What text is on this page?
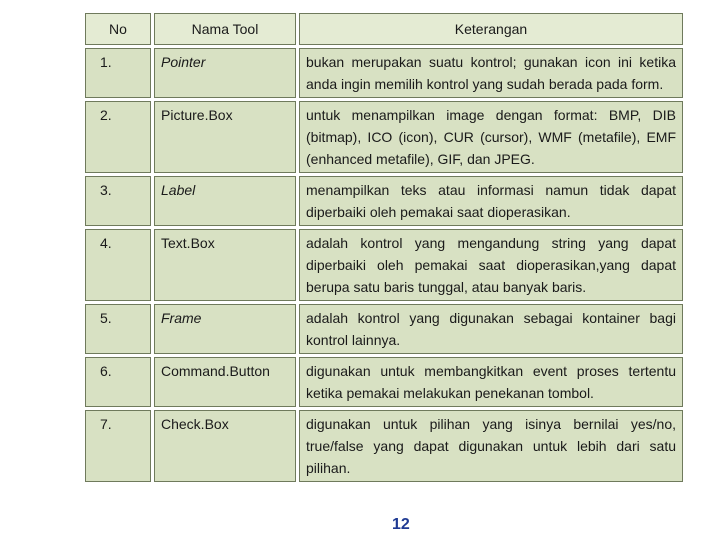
No	Nama Tool	Keterangan
1.	Pointer	bukan merupakan suatu kontrol; gunakan icon ini ketika anda ingin memilih kontrol yang sudah berada pada form.
2.	Picture.Box	untuk menampilkan image dengan format: BMP, DIB (bitmap), ICO (icon), CUR (cursor), WMF (metafile), EMF (enhanced metafile), GIF, dan JPEG.
3.	Label	menampilkan teks atau informasi namun tidak dapat diperbaiki oleh pemakai saat dioperasikan.
4.	Text.Box	adalah kontrol yang mengandung string yang dapat diperbaiki oleh pemakai saat dioperasikan,yang dapat berupa satu baris tunggal, atau banyak baris.
5.	Frame	adalah kontrol yang digunakan sebagai kontainer bagi kontrol lainnya.
6.	Command.Button	digunakan untuk membangkitkan event proses tertentu ketika pemakai melakukan penekanan tombol.
7.	Check.Box	digunakan untuk pilihan yang isinya bernilai yes/no, true/false yang dapat digunakan untuk lebih dari satu pilihan.
12
